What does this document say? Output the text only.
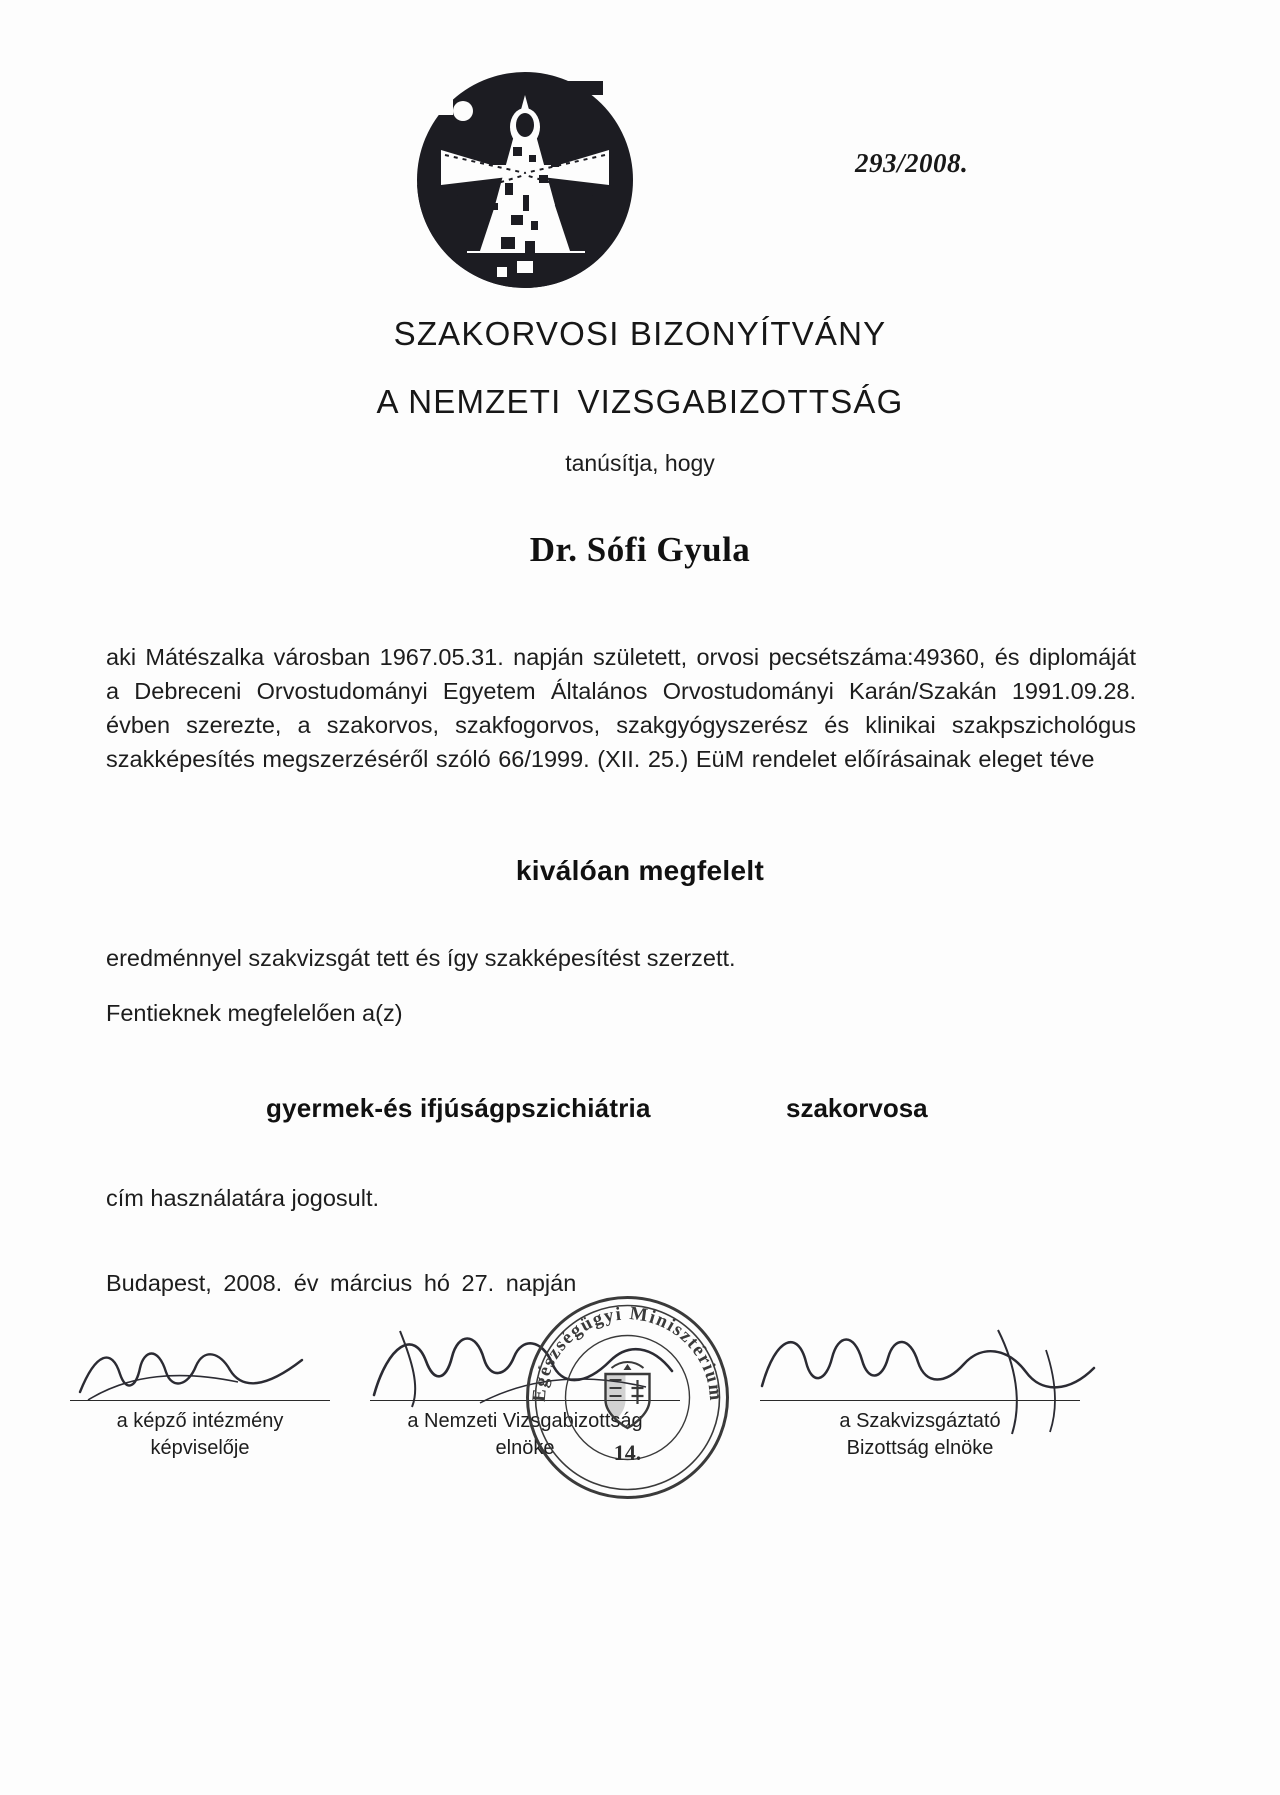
293/2008.
SZAKORVOSI BIZONYÍTVÁNY
A NEMZETI VIZSGABIZOTTSÁG
tanúsítja, hogy
Dr. Sófi Gyula

aki Mátészalka városban 1967.05.31. napján született, orvosi pecsétszáma:49360, és diplomáját a Debreceni Orvostudományi Egyetem Általános Orvostudományi Karán/Szakán 1991.09.28. évben szerezte, a szakorvos, szakfogorvos, szakgyógyszerész és klinikai szakpszichológus szakképesítés megszerzéséről szóló 66/1999. (XII. 25.) EüM rendelet előírásainak eleget téve

kiválóan megfelelt
eredménnyel szakvizsgát tett és így szakképesítést szerzett.
Fentieknek megfelelően a(z)
gyermek-és ifjúságpszichiátria	szakorvosa
cím használatára jogosult.
Budapest, 2008. év március hó 27. napján
a képző intézmény
képviselője
a Nemzeti Vizsgabizottság
elnöke
a Szakvizsgáztató
Bizottság elnöke
Egészségügyi Minisztérium
14.
